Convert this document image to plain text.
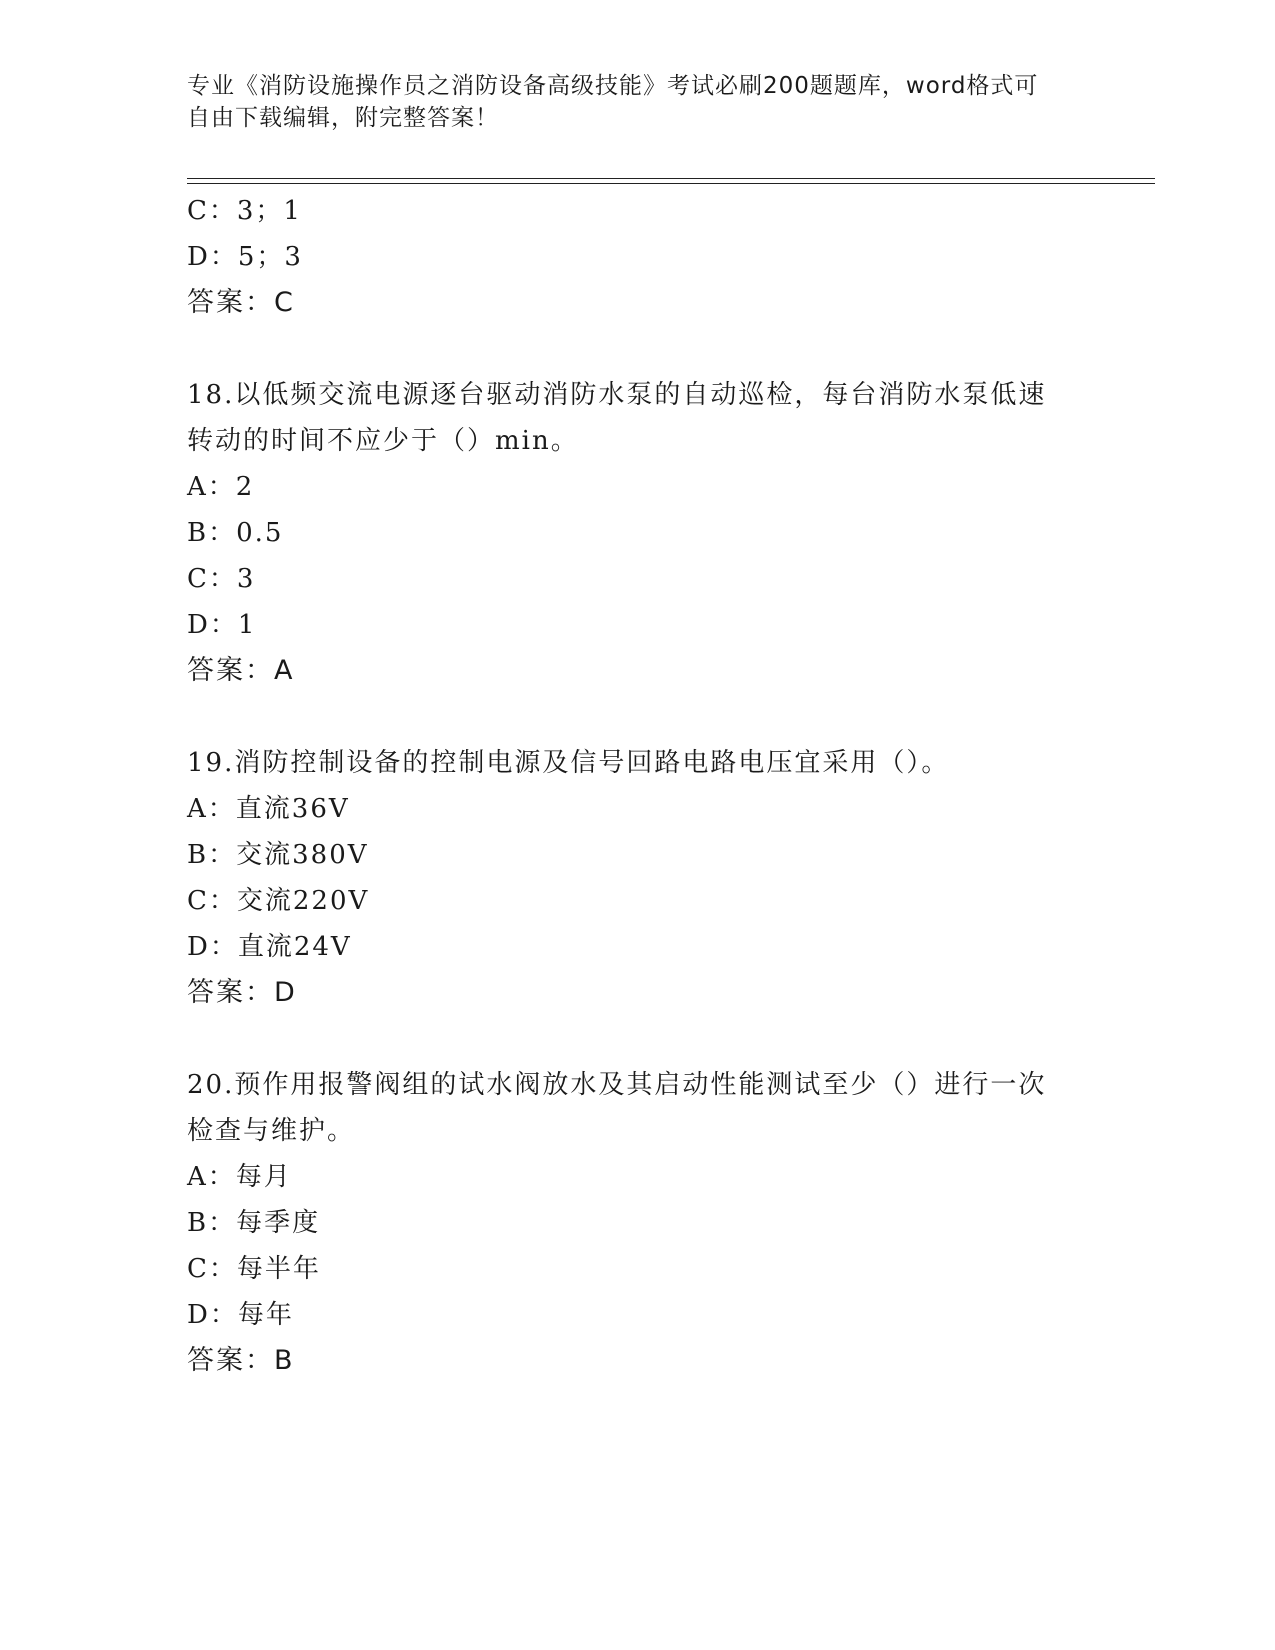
专业《消防设施操作员之消防设备高级技能》考试必刷200题题库，word格式可
自由下载编辑，附完整答案！
C：3；1
D：5；3
答案：C
18.以低频交流电源逐台驱动消防水泵的自动巡检，每台消防水泵低速
转动的时间不应少于（）min。
A：2
B：0.5
C：3
D：1
答案：A
19.消防控制设备的控制电源及信号回路电路电压宜采用（）。
A：直流36V
B：交流380V
C：交流220V
D：直流24V
答案：D
20.预作用报警阀组的试水阀放水及其启动性能测试至少（）进行一次
检查与维护。
A：每月
B：每季度
C：每半年
D：每年
答案：B
